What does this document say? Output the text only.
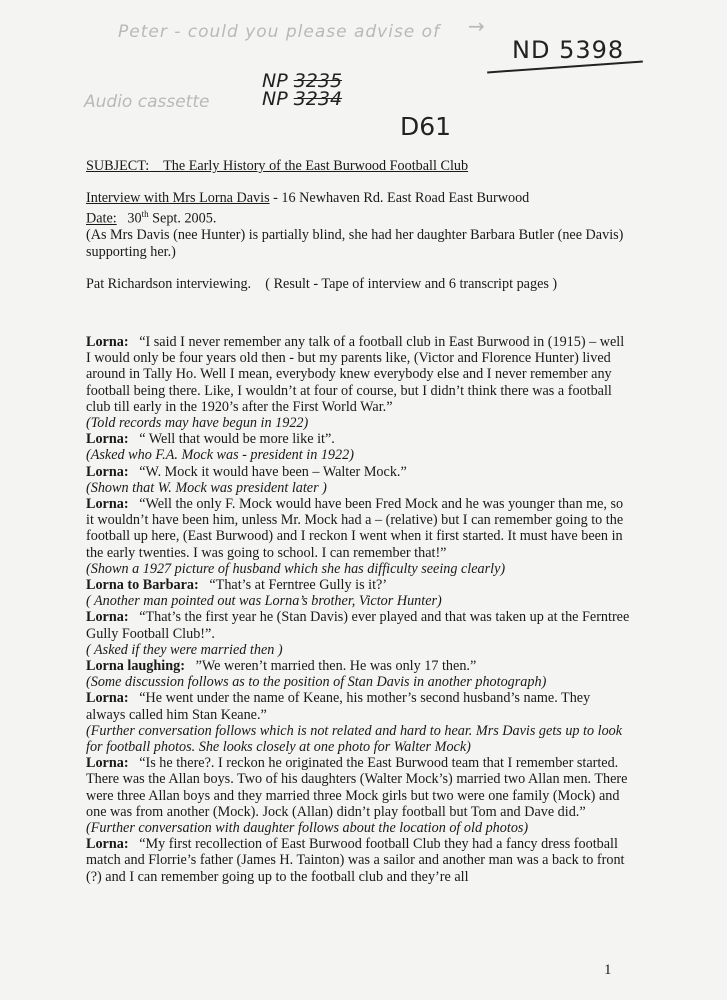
Peter - could you please advise of →
ND 5398
NP 3235
Audio cassette	NP 3234
D61

SUBJECT: The Early History of the East Burwood Football Club

Interview with Mrs Lorna Davis - 16 Newhaven Rd. East Road East Burwood

Date: 30th Sept. 2005.

(As Mrs Davis (nee Hunter) is partially blind, she had her daughter Barbara Butler (nee Davis) supporting her.)

Pat Richardson interviewing. ( Result - Tape of interview and 6 transcript pages )

Lorna: “I said I never remember any talk of a football club in East Burwood in (1915) – well I would only be four years old then - but my parents like, (Victor and Florence Hunter) lived around in Tally Ho. Well I mean, everybody knew everybody else and I never remember any football being there. Like, I wouldn’t at four of course, but I didn’t think there was a football club till early in the 1920’s after the First World War.”

(Told records may have begun in 1922)

Lorna: “ Well that would be more like it”.

(Asked who F.A. Mock was - president in 1922)

Lorna: “W. Mock it would have been – Walter Mock.”

(Shown that W. Mock was president later )

Lorna: “Well the only F. Mock would have been Fred Mock and he was younger than me, so it wouldn’t have been him, unless Mr. Mock had a – (relative) but I can remember going to the football up here, (East Burwood) and I reckon I went when it first started. It must have been in the early twenties. I was going to school. I can remember that!”

(Shown a 1927 picture of husband which she has difficulty seeing clearly)

Lorna to Barbara: “That’s at Ferntree Gully is it?’

( Another man pointed out was Lorna’s brother, Victor Hunter)

Lorna: “That’s the first year he (Stan Davis) ever played and that was taken up at the Ferntree Gully Football Club!”.

( Asked if they were married then )

Lorna laughing: ”We weren’t married then. He was only 17 then.”

(Some discussion follows as to the position of Stan Davis in another photograph)

Lorna: “He went under the name of Keane, his mother’s second husband’s name. They always called him Stan Keane.”

(Further conversation follows which is not related and hard to hear. Mrs Davis gets up to look for football photos. She looks closely at one photo for Walter Mock)

Lorna: “Is he there?. I reckon he originated the East Burwood team that I remember started. There was the Allan boys. Two of his daughters (Walter Mock’s) married two Allan men. There were three Allan boys and they married three Mock girls but two were one family (Mock) and one was from another (Mock). Jock (Allan) didn’t play football but Tom and Dave did.”

(Further conversation with daughter follows about the location of old photos)

Lorna: “My first recollection of East Burwood football Club they had a fancy dress football match and Florrie’s father (James H. Tainton) was a sailor and another man was a back to front (?) and I can remember going up to the football club and they’re all

1
